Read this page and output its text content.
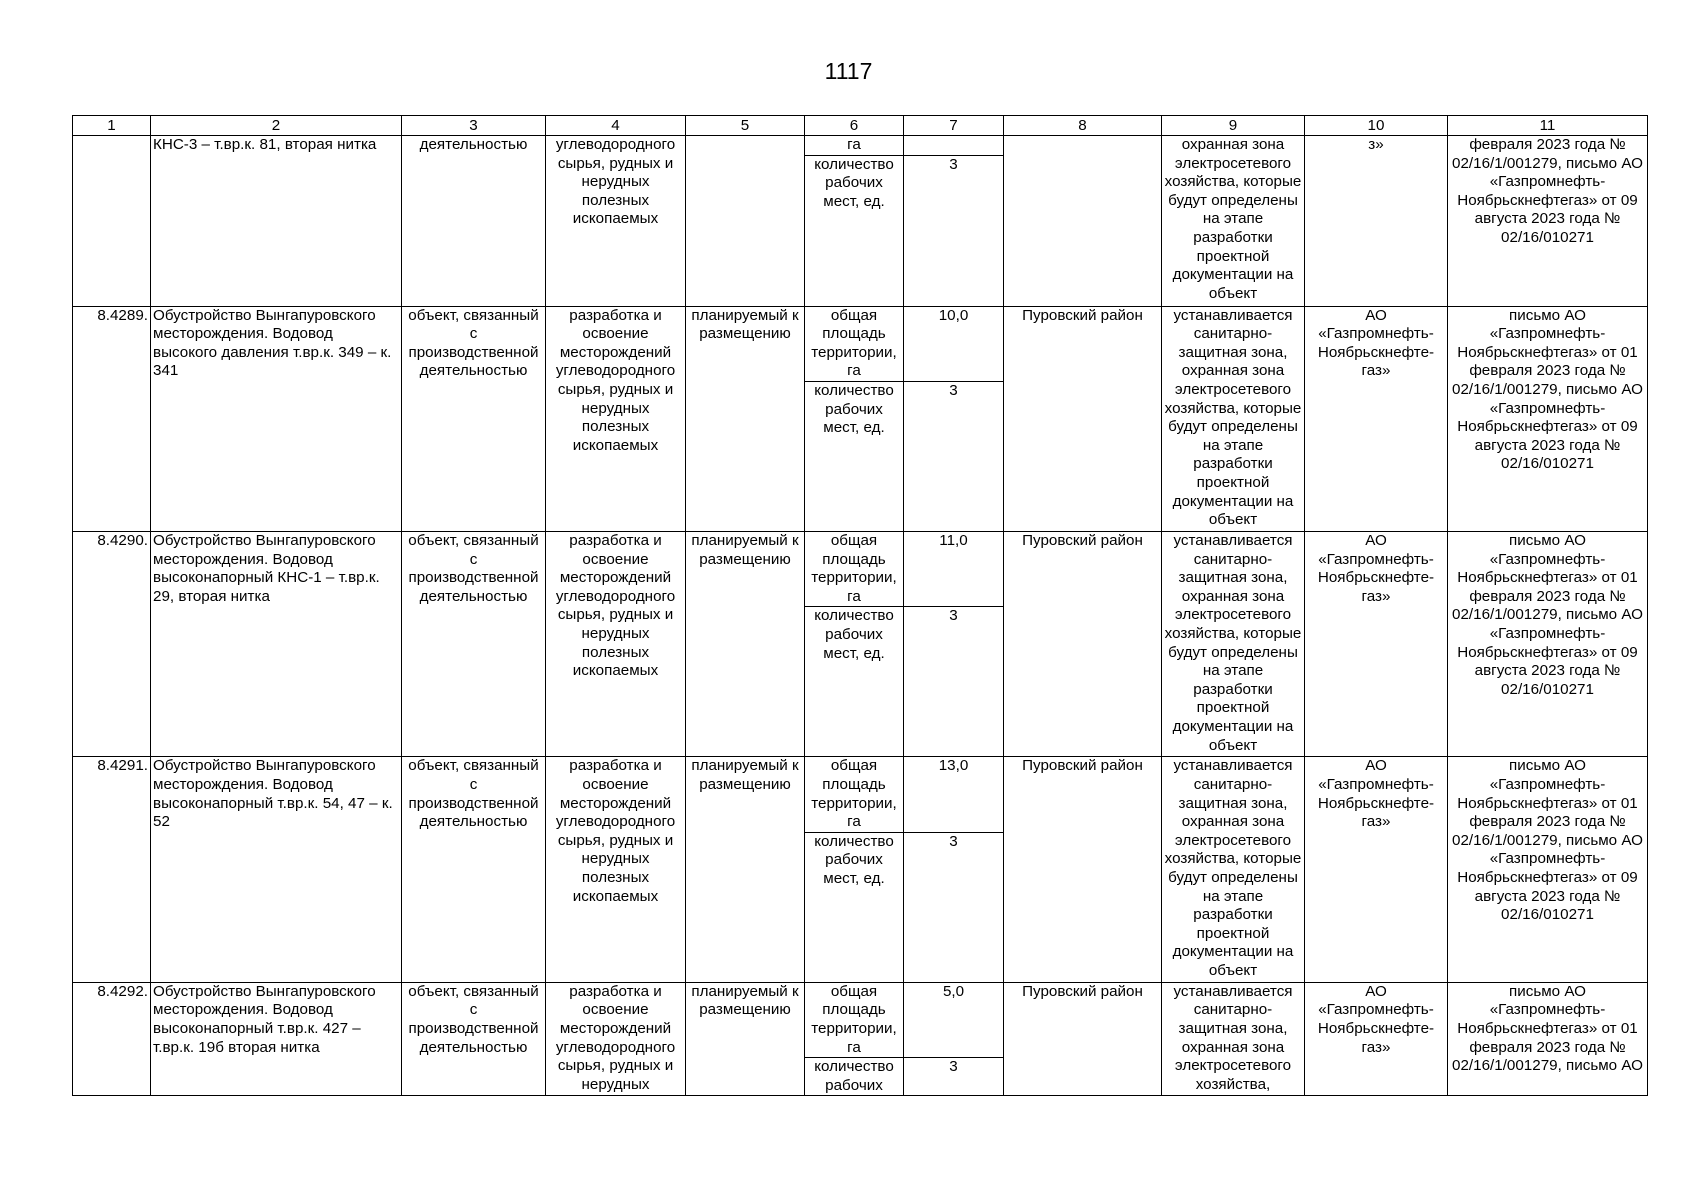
1117
1	2	3	4	5	6	7	8	9	10	11
	КНС-3 – т.вр.к. 81, вторая нитка	деятельностью	углеводородного сырья, рудных и нерудных полезных ископаемых		га			охранная зона электросетевого хозяйства, которые будут определены на этапе разработки проектной документации на объект	з»	февраля 2023 года № 02/16/1/001279, письмо АО «Газпромнефть-Ноябрьскнефтегаз» от 09 августа 2023 года № 02/16/010271
					количество рабочих мест, ед.	3				
8.4289.	Обустройство Вынгапуровского месторождения. Водовод высокого давления т.вр.к. 349 – к. 341	объект, связанный с производственной деятельностью	разработка и освоение месторождений углеводородного сырья, рудных и нерудных полезных ископаемых	планируемый к размещению	общая площадь территории, га	10,0	Пуровский район	устанавливается санитарно-защитная зона, охранная зона электросетевого хозяйства, которые будут определены на этапе разработки проектной документации на объект	АО «Газпромнефть-Ноябрьскнефте-газ»	письмо АО «Газпромнефть-Ноябрьскнефтегаз» от 01 февраля 2023 года № 02/16/1/001279, письмо АО «Газпромнефть-Ноябрьскнефтегаз» от 09 августа 2023 года № 02/16/010271
					количество рабочих мест, ед.	3				
8.4290.	Обустройство Вынгапуровского месторождения. Водовод высоконапорный КНС-1 – т.вр.к. 29, вторая нитка	объект, связанный с производственной деятельностью	разработка и освоение месторождений углеводородного сырья, рудных и нерудных полезных ископаемых	планируемый к размещению	общая площадь территории, га	11,0	Пуровский район	устанавливается санитарно-защитная зона, охранная зона электросетевого хозяйства, которые будут определены на этапе разработки проектной документации на объект	АО «Газпромнефть-Ноябрьскнефте-газ»	письмо АО «Газпромнефть-Ноябрьскнефтегаз» от 01 февраля 2023 года № 02/16/1/001279, письмо АО «Газпромнефть-Ноябрьскнефтегаз» от 09 августа 2023 года № 02/16/010271
					количество рабочих мест, ед.	3				
8.4291.	Обустройство Вынгапуровского месторождения. Водовод высоконапорный т.вр.к. 54, 47 – к. 52	объект, связанный с производственной деятельностью	разработка и освоение месторождений углеводородного сырья, рудных и нерудных полезных ископаемых	планируемый к размещению	общая площадь территории, га	13,0	Пуровский район	устанавливается санитарно-защитная зона, охранная зона электросетевого хозяйства, которые будут определены на этапе разработки проектной документации на объект	АО «Газпромнефть-Ноябрьскнефте-газ»	письмо АО «Газпромнефть-Ноябрьскнефтегаз» от 01 февраля 2023 года № 02/16/1/001279, письмо АО «Газпромнефть-Ноябрьскнефтегаз» от 09 августа 2023 года № 02/16/010271
					количество рабочих мест, ед.	3				
8.4292.	Обустройство Вынгапуровского месторождения. Водовод высоконапорный т.вр.к. 427 – т.вр.к. 19б вторая нитка	объект, связанный с производственной деятельностью	разработка и освоение месторождений углеводородного сырья, рудных и нерудных	планируемый к размещению	общая площадь территории, га	5,0	Пуровский район	устанавливается санитарно-защитная зона, охранная зона электросетевого хозяйства,	АО «Газпромнефть-Ноябрьскнефте-газ»	письмо АО «Газпромнефть-Ноябрьскнефтегаз» от 01 февраля 2023 года № 02/16/1/001279, письмо АО
					количество рабочих	3				
